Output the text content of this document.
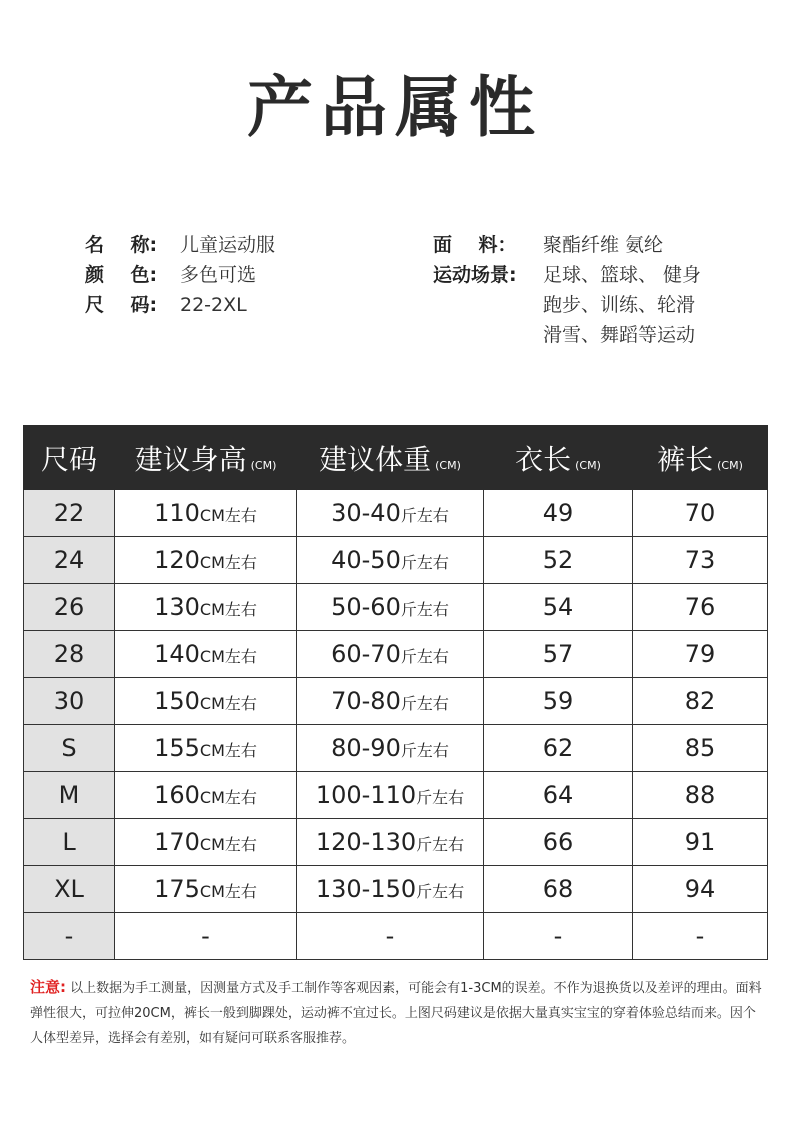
产品属性
名    称:	儿童运动服
颜    色:	多色可选
尺    码:	22-2XL
面    料：	聚酯纤维 氨纶
运动场景:	足球、篮球、 健身
跑步、训练、轮滑
滑雪、舞蹈等运动
尺码	建议身高 (CM)	建议体重 (CM)	衣长 (CM)	裤长 (CM)
22	110CM左右	30-40斤左右	49	70
24	120CM左右	40-50斤左右	52	73
26	130CM左右	50-60斤左右	54	76
28	140CM左右	60-70斤左右	57	79
30	150CM左右	70-80斤左右	59	82
S	155CM左右	80-90斤左右	62	85
M	160CM左右	100-110斤左右	64	88
L	170CM左右	120-130斤左右	66	91
XL	175CM左右	130-150斤左右	68	94
-	-	-	-	-
注意: 以上数据为手工测量，因测量方式及手工制作等客观因素，可能会有1-3CM的误差。不作为退换货以及差评的理由。面料弹性很大，可拉伸20CM，裤长一般到脚踝处，运动裤不宜过长。上图尺码建议是依据大量真实宝宝的穿着体验总结而来。因个人体型差异，选择会有差别，如有疑问可联系客服推荐。
